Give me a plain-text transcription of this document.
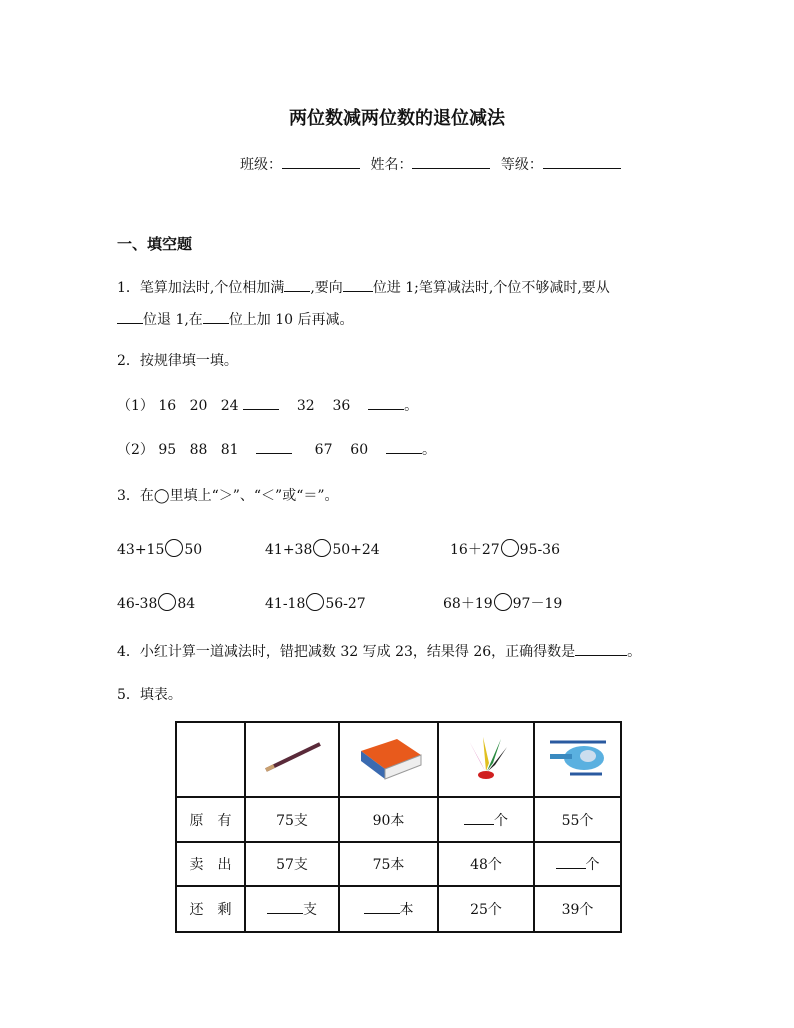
两位数减两位数的退位减法
班级：	姓名：	等级：
一、填空题
1．笔算加法时,个位相加满 ,要向 位进 1;笔算减法时,个位不够减时,要从
位退 1,在 位上加 10 后再减。
2．按规律填一填。
（1） 16 20 24	32 36	。
（2） 95 88 81	67 60	。
3．在◯里填上“＞”、“＜”或“＝”。
43+15 50	41+38 50+24	16＋27 95-36
46-38 84	41-18 56-27	68＋19 97－19
4．小红计算一道减法时，错把减数 32 写成 23，结果得 26，正确得数是	。
5．填表。

原　有	75支	90本	个	55个
卖　出	57支	75本	48个	个
还　剩	支	本	25个	39个
